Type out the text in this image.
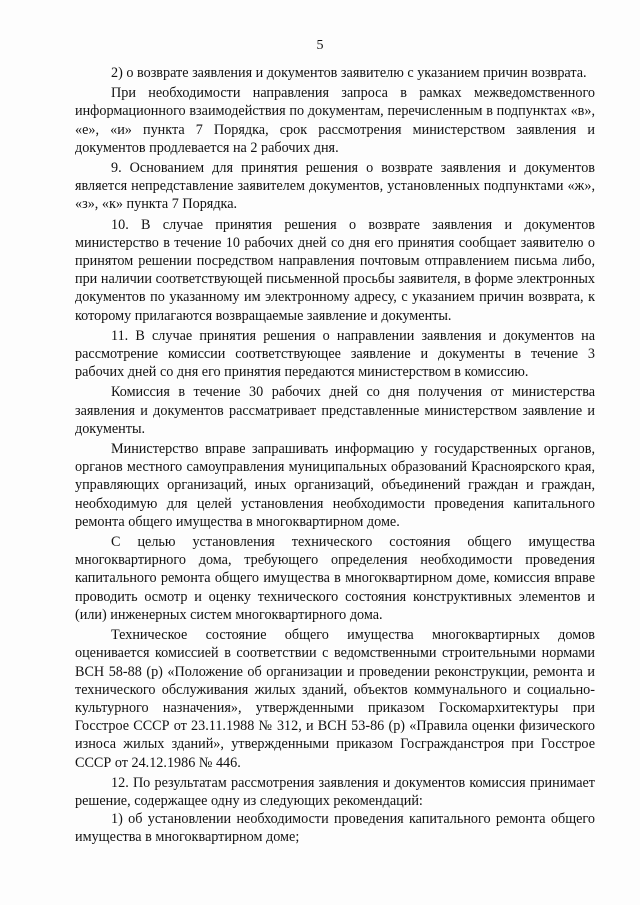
5

2) о возврате заявления и документов заявителю с указанием причин возврата.

При необходимости направления запроса в рамках межведомственного информационного взаимодействия по документам, перечисленным в подпунктах «в», «е», «и» пункта 7 Порядка, срок рассмотрения министерством заявления и документов продлевается на 2 рабочих дня.

9. Основанием для принятия решения о возврате заявления и документов является непредставление заявителем документов, установленных подпунктами «ж», «з», «к» пункта 7 Порядка.

10. В случае принятия решения о возврате заявления и документов министерство в течение 10 рабочих дней со дня его принятия сообщает заявителю о принятом решении посредством направления почтовым отправлением письма либо, при наличии соответствующей письменной просьбы заявителя, в форме электронных документов по указанному им электронному адресу, с указанием причин возврата, к которому прилагаются возвращаемые заявление и документы.

11. В случае принятия решения о направлении заявления и документов на рассмотрение комиссии соответствующее заявление и документы в течение 3 рабочих дней со дня его принятия передаются министерством в комиссию.

Комиссия в течение 30 рабочих дней со дня получения от министерства заявления и документов рассматривает представленные министерством заявление и документы.

Министерство вправе запрашивать информацию у государственных органов, органов местного самоуправления муниципальных образований Красноярского края, управляющих организаций, иных организаций, объединений граждан и граждан, необходимую для целей установления необходимости проведения капитального ремонта общего имущества в многоквартирном доме.

С целью установления технического состояния общего имущества многоквартирного дома, требующего определения необходимости проведения капитального ремонта общего имущества в многоквартирном доме, комиссия вправе проводить осмотр и оценку технического состояния конструктивных элементов и (или) инженерных систем многоквартирного дома.

Техническое состояние общего имущества многоквартирных домов оценивается комиссией в соответствии с ведомственными строительными нормами ВСН 58-88 (р) «Положение об организации и проведении реконструкции, ремонта и технического обслуживания жилых зданий, объектов коммунального и социально-культурного назначения», утвержденными приказом Госкомархитектуры при Госстрое СССР от 23.11.1988 № 312, и ВСН 53-86 (р) «Правила оценки физического износа жилых зданий», утвержденными приказом Госгражданстроя при Госстрое СССР от 24.12.1986 № 446.

12. По результатам рассмотрения заявления и документов комиссия принимает решение, содержащее одну из следующих рекомендаций:

1) об установлении необходимости проведения капитального ремонта общего имущества в многоквартирном доме;
